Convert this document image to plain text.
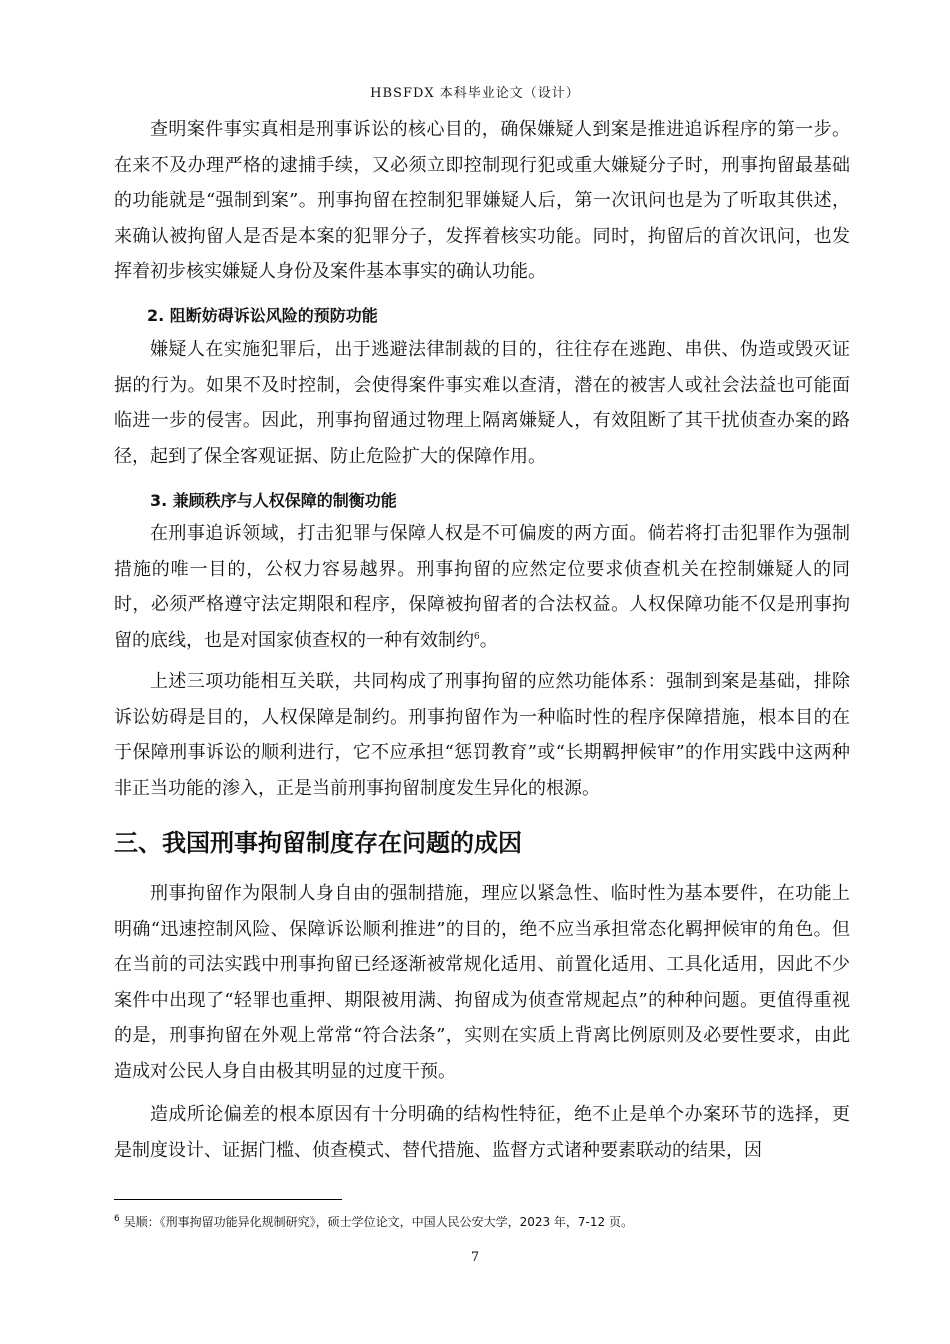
HBSFDX 本科毕业论文（设计）

查明案件事实真相是刑事诉讼的核心目的，确保嫌疑人到案是推进追诉程序的第一步。在来不及办理严格的逮捕手续，又必须立即控制现行犯或重大嫌疑分子时，刑事拘留最基础的功能就是“强制到案”。刑事拘留在控制犯罪嫌疑人后，第一次讯问也是为了听取其供述，来确认被拘留人是否是本案的犯罪分子，发挥着核实功能。同时，拘留后的首次讯问，也发挥着初步核实嫌疑人身份及案件基本事实的确认功能。

2. 阻断妨碍诉讼风险的预防功能

嫌疑人在实施犯罪后，出于逃避法律制裁的目的，往往存在逃跑、串供、伪造或毁灭证据的行为。如果不及时控制，会使得案件事实难以查清，潜在的被害人或社会法益也可能面临进一步的侵害。因此，刑事拘留通过物理上隔离嫌疑人，有效阻断了其干扰侦查办案的路径，起到了保全客观证据、防止危险扩大的保障作用。

3. 兼顾秩序与人权保障的制衡功能

在刑事追诉领域，打击犯罪与保障人权是不可偏废的两方面。倘若将打击犯罪作为强制措施的唯一目的，公权力容易越界。刑事拘留的应然定位要求侦查机关在控制嫌疑人的同时，必须严格遵守法定期限和程序，保障被拘留者的合法权益。人权保障功能不仅是刑事拘留的底线，也是对国家侦查权的一种有效制约$^6$。

上述三项功能相互关联，共同构成了刑事拘留的应然功能体系：强制到案是基础，排除诉讼妨碍是目的，人权保障是制约。刑事拘留作为一种临时性的程序保障措施，根本目的在于保障刑事诉讼的顺利进行，它不应承担“惩罚教育”或“长期羁押候审”的作用实践中这两种非正当功能的渗入，正是当前刑事拘留制度发生异化的根源。

三、我国刑事拘留制度存在问题的成因

刑事拘留作为限制人身自由的强制措施，理应以紧急性、临时性为基本要件，在功能上明确“迅速控制风险、保障诉讼顺利推进”的目的，绝不应当承担常态化羁押候审的角色。但在当前的司法实践中刑事拘留已经逐渐被常规化适用、前置化适用、工具化适用，因此不少案件中出现了“轻罪也重押、期限被用满、拘留成为侦查常规起点”的种种问题。更值得重视的是，刑事拘留在外观上常常“符合法条”，实则在实质上背离比例原则及必要性要求，由此造成对公民人身自由极其明显的过度干预。

造成所论偏差的根本原因有十分明确的结构性特征，绝不止是单个办案环节的选择，更是制度设计、证据门槛、侦查模式、替代措施、监督方式诸种要素联动的结果，因

$^6$ 吴顺：《刑事拘留功能异化规制研究》，硕士学位论文，中国人民公安大学，2023 年，7-12 页。
7
